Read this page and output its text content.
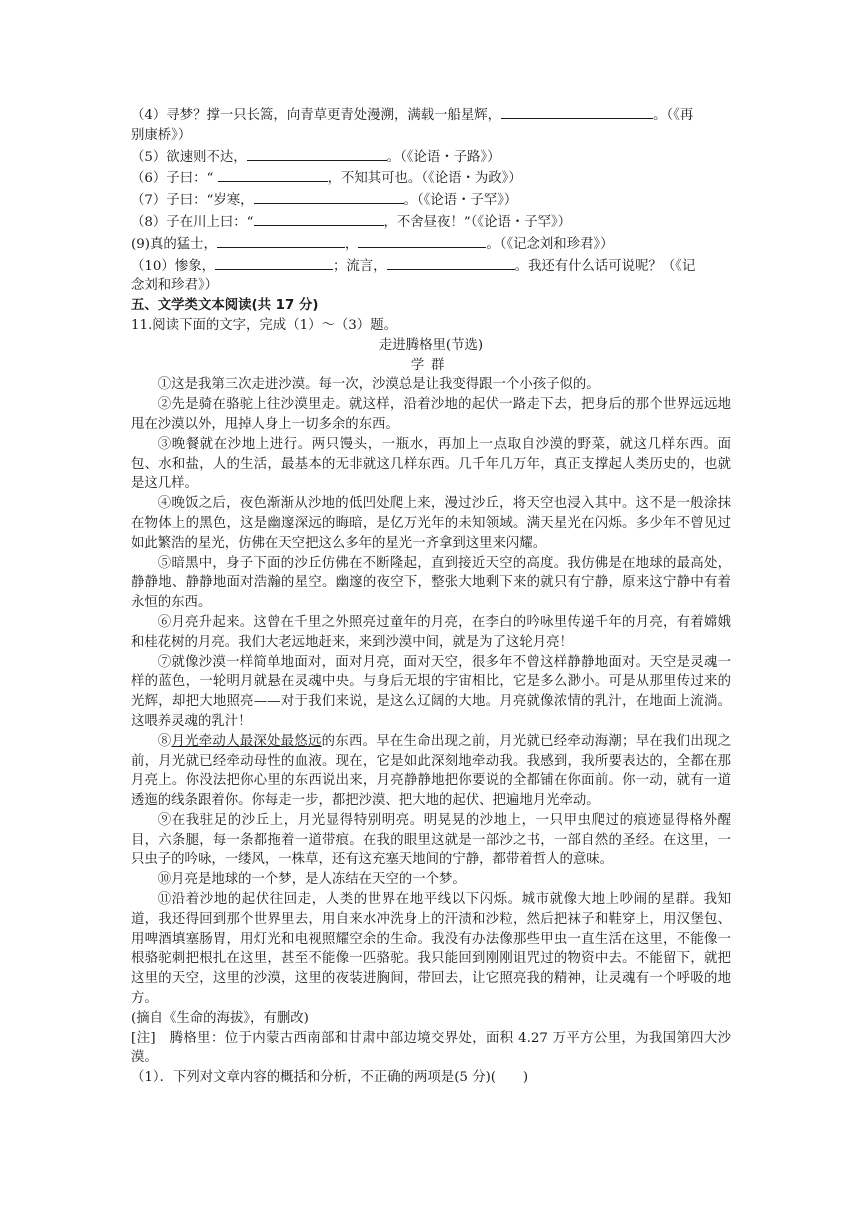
（4）寻梦？撑一只长篙，向青草更青处漫溯，满载一船星辉，	。（《再
别康桥》）

（5）欲速则不达，	。（《论语・子路》）

（6）子曰：“	，不知其可也。（《论语・为政》）

（7）子曰：“岁寒，	。（《论语・子罕》）

（8）子在川上曰：“	，不舍昼夜！”（《论语・子罕》）

(9)真的猛士，	，	。（《记念刘和珍君》）

（10）惨象，	；流言，	。我还有什么话可说呢？（《记
念刘和珍君》）

五、文学类文本阅读(共 17 分)

11.阅读下面的文字，完成（1）～（3）题。

走进腾格里(节选)

学群

①这是我第三次走进沙漠。每一次，沙漠总是让我变得跟一个小孩子似的。

②先是骑在骆驼上往沙漠里走。就这样，沿着沙地的起伏一路走下去，把身后的那个世界远远地甩在沙漠以外，甩掉人身上一切多余的东西。

③晚餐就在沙地上进行。两只馒头，一瓶水，再加上一点取自沙漠的野菜，就这几样东西。面包、水和盐，人的生活，最基本的无非就这几样东西。几千年几万年，真正支撑起人类历史的，也就是这几样。

④晚饭之后，夜色渐渐从沙地的低凹处爬上来，漫过沙丘，将天空也浸入其中。这不是一般涂抹在物体上的黑色，这是幽邃深远的晦暗，是亿万光年的未知领域。满天星光在闪烁。多少年不曾见过如此繁浩的星光，仿佛在天空把这么多年的星光一齐拿到这里来闪耀。

⑤暗黑中，身子下面的沙丘仿佛在不断隆起，直到接近天空的高度。我仿佛是在地球的最高处，静静地、静静地面对浩瀚的星空。幽邃的夜空下，整张大地剩下来的就只有宁静，原来这宁静中有着永恒的东西。

⑥月亮升起来。这曾在千里之外照亮过童年的月亮，在李白的吟咏里传递千年的月亮，有着嫦娥和桂花树的月亮。我们大老远地赶来，来到沙漠中间，就是为了这轮月亮！

⑦就像沙漠一样简单地面对，面对月亮，面对天空，很多年不曾这样静静地面对。天空是灵魂一样的蓝色，一轮明月就悬在灵魂中央。与身后无垠的宇宙相比，它是多么渺小。可是从那里传过来的光辉，却把大地照亮——对于我们来说，是这么辽阔的大地。月亮就像浓情的乳汁，在地面上流淌。这喂养灵魂的乳汁！

⑧月光牵动人最深处最悠远的东西。早在生命出现之前，月光就已经牵动海潮；早在我们出现之前，月光就已经牵动母性的血液。现在，它是如此深刻地牵动我。我感到，我所要表达的，全都在那月亮上。你没法把你心里的东西说出来，月亮静静地把你要说的全都铺在你面前。你一动，就有一道透迤的线条跟着你。你每走一步，都把沙漠、把大地的起伏、把遍地月光牵动。

⑨在我驻足的沙丘上，月光显得特别明亮。明晃晃的沙地上，一只甲虫爬过的痕迹显得格外醒目，六条腿，每一条都拖着一道带痕。在我的眼里这就是一部沙之书，一部自然的圣经。在这里，一只虫子的吟咏，一缕风，一株草，还有这充塞天地间的宁静，都带着哲人的意味。

⑩月亮是地球的一个梦，是人冻结在天空的一个梦。

⑪沿着沙地的起伏往回走，人类的世界在地平线以下闪烁。城市就像大地上吵闹的星群。我知道，我还得回到那个世界里去，用自来水冲洗身上的汗渍和沙粒，然后把袜子和鞋穿上，用汉堡包、用啤酒填塞肠胃，用灯光和电视照耀空余的生命。我没有办法像那些甲虫一直生活在这里，不能像一根骆驼刺把根扎在这里，甚至不能像一匹骆驼。我只能回到刚刚诅咒过的物资中去。不能留下，就把这里的天空，这里的沙漠，这里的夜装进胸间，带回去，让它照亮我的精神，让灵魂有一个呼吸的地方。

(摘自《生命的海拔》，有删改)

[注]　腾格里：位于内蒙古西南部和甘肃中部边境交界处，面积 4.27 万平方公里，为我国第四大沙漠。

（1）．下列对文章内容的概括和分析，不正确的两项是(5 分)(　　)
